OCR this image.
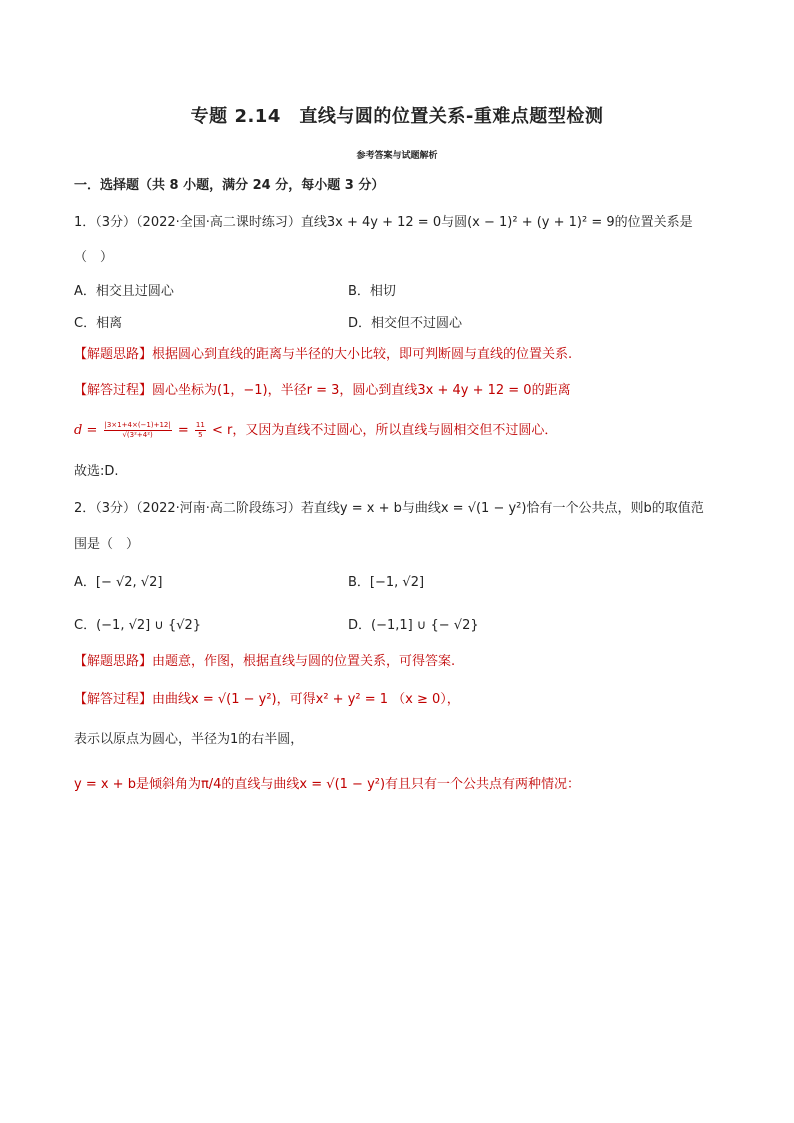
专题 2.14　直线与圆的位置关系-重难点题型检测
参考答案与试题解析
一．选择题（共 8 小题，满分 24 分，每小题 3 分）
1．（3分）（2022·全国·高二课时练习）直线3x + 4y + 12 = 0与圆(x − 1)² + (y + 1)² = 9的位置关系是
（　）
A．相交且过圆心	B．相切
C．相离	D．相交但不过圆心
【解题思路】根据圆心到直线的距离与半径的大小比较，即可判断圆与直线的位置关系.
【解答过程】圆心坐标为(1，−1)，半径r = 3，圆心到直线3x + 4y + 12 = 0的距离
$d = \frac{|3\times 1+4\times(-1)+12|}{\text{√(3²+4²)}} = \frac{11}{5} < r$，又因为直线不过圆心，所以直线与圆相交但不过圆心．
故选:D.
2．（3分）（2022·河南·高二阶段练习）若直线y = x + b与曲线x = √(1 − y²)恰有一个公共点，则b的取值范
围是（　）
A．[− √2, √2]	B．[−1, √2]
C．(−1, √2] ∪ {√2}	D．(−1,1] ∪ {− √2}
【解题思路】由题意，作图，根据直线与圆的位置关系，可得答案.
【解答过程】由曲线x = √(1 − y²)，可得x² + y² = 1 （x ≥ 0），
表示以原点为圆心，半径为1的右半圆，
y = x + b是倾斜角为π/4的直线与曲线x = √(1 − y²)有且只有一个公共点有两种情况：
